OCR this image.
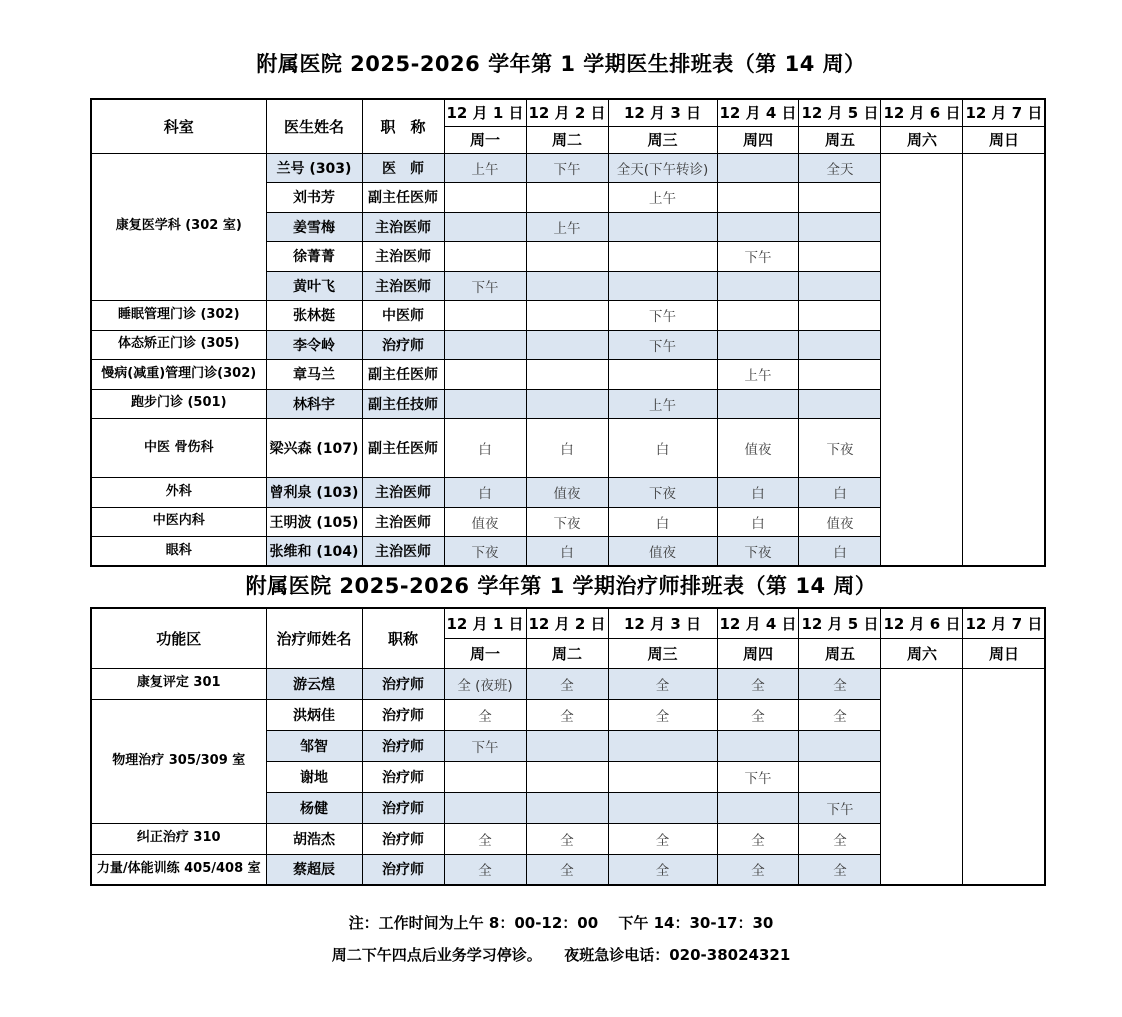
附属医院 2025-2026 学年第 1 学期医生排班表（第 14 周）
科室	医生姓名	职　称	12 月 1 日	12 月 2 日	12 月 3 日	12 月 4 日	12 月 5 日	12 月 6 日	12 月 7 日
			周一	周二	周三	周四	周五	周六	周日
康复医学科 (302 室)	兰号 (303)	医　师	上午	下午	全天(下午转诊)		全天		
	刘书芳	副主任医师			上午				
	姜雪梅	主治医师		上午					
	徐菁菁	主治医师				下午			
	黄叶飞	主治医师	下午						
睡眠管理门诊 (302)	张林挺	中医师			下午				
体态矫正门诊 (305)	李令岭	治疗师			下午				
慢病(减重)管理门诊(302)	章马兰	副主任医师				上午			
跑步门诊 (501)	林科宇	副主任技师			上午				
中医 骨伤科	梁兴森 (107)	副主任医师	白	白	白	值夜	下夜		
外科	曾利泉 (103)	主治医师	白	值夜	下夜	白	白		
中医内科	王明波 (105)	主治医师	值夜	下夜	白	白	值夜		
眼科	张维和 (104)	主治医师	下夜	白	值夜	下夜	白		
附属医院 2025-2026 学年第 1 学期治疗师排班表（第 14 周）
功能区	治疗师姓名	职称	12 月 1 日	12 月 2 日	12 月 3 日	12 月 4 日	12 月 5 日	12 月 6 日	12 月 7 日
			周一	周二	周三	周四	周五	周六	周日
康复评定 301	游云煌	治疗师	全 (夜班)	全	全	全	全		
物理治疗 305/309 室	洪炳佳	治疗师	全	全	全	全	全		
	邹智	治疗师	下午						
	谢地	治疗师				下午			
	杨健	治疗师					下午		
纠正治疗 310	胡浩杰	治疗师	全	全	全	全	全		
力量/体能训练 405/408 室	蔡超辰	治疗师	全	全	全	全	全		
注：工作时间为上午 8：00-12：00　 下午 14：30-17：30
周二下午四点后业务学习停诊。　　夜班急诊电话：020-38024321
